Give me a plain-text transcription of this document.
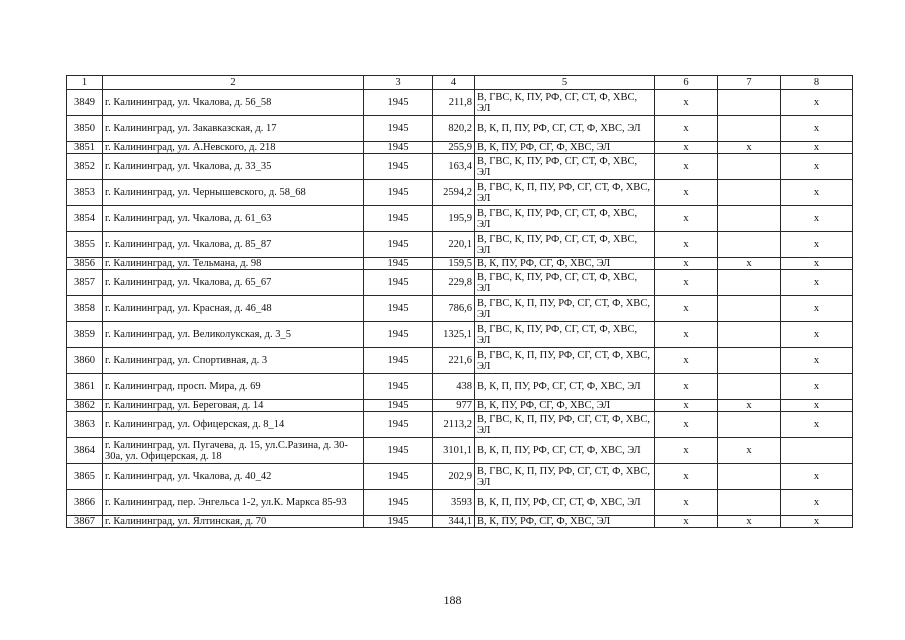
1	2	3	4	5	6	7	8
3849	г. Калининград, ул. Чкалова, д. 56_58	1945	211,8	В, ГВС, К, ПУ, РФ, СГ, СТ, Ф, ХВС, ЭЛ	x		x
3850	г. Калининград, ул. Закавказская, д. 17	1945	820,2	В, К, П, ПУ, РФ, СГ, СТ, Ф, ХВС, ЭЛ	x		x
3851	г. Калининград, ул. А.Невского, д. 218	1945	255,9	В, К, ПУ, РФ, СГ, Ф, ХВС, ЭЛ	x	x	x
3852	г. Калининград, ул. Чкалова, д. 33_35	1945	163,4	В, ГВС, К, ПУ, РФ, СГ, СТ, Ф, ХВС, ЭЛ	x		x
3853	г. Калининград, ул. Чернышевского, д. 58_68	1945	2594,2	В, ГВС, К, П, ПУ, РФ, СГ, СТ, Ф, ХВС, ЭЛ	x		x
3854	г. Калининград, ул. Чкалова, д. 61_63	1945	195,9	В, ГВС, К, ПУ, РФ, СГ, СТ, Ф, ХВС, ЭЛ	x		x
3855	г. Калининград, ул. Чкалова, д. 85_87	1945	220,1	В, ГВС, К, ПУ, РФ, СГ, СТ, Ф, ХВС, ЭЛ	x		x
3856	г. Калининград, ул. Тельмана, д. 98	1945	159,5	В, К, ПУ, РФ, СГ, Ф, ХВС, ЭЛ	x	x	x
3857	г. Калининград, ул. Чкалова, д. 65_67	1945	229,8	В, ГВС, К, ПУ, РФ, СГ, СТ, Ф, ХВС, ЭЛ	x		x
3858	г. Калининград, ул. Красная, д. 46_48	1945	786,6	В, ГВС, К, П, ПУ, РФ, СГ, СТ, Ф, ХВС, ЭЛ	x		x
3859	г. Калининград, ул. Великолукская, д. 3_5	1945	1325,1	В, ГВС, К, ПУ, РФ, СГ, СТ, Ф, ХВС, ЭЛ	x		x
3860	г. Калининград, ул. Спортивная, д. 3	1945	221,6	В, ГВС, К, П, ПУ, РФ, СГ, СТ, Ф, ХВС, ЭЛ	x		x
3861	г. Калининград, просп. Мира, д. 69	1945	438	В, К, П, ПУ, РФ, СГ, СТ, Ф, ХВС, ЭЛ	x		x
3862	г. Калининград, ул. Береговая, д. 14	1945	977	В, К, ПУ, РФ, СГ, Ф, ХВС, ЭЛ	x	x	x
3863	г. Калининград, ул. Офицерская, д. 8_14	1945	2113,2	В, ГВС, К, П, ПУ, РФ, СГ, СТ, Ф, ХВС, ЭЛ	x		x
3864	г. Калининград, ул. Пугачева, д. 15, ул.С.Разина, д. 30-30а, ул. Офицерская, д. 18	1945	3101,1	В, К, П, ПУ, РФ, СГ, СТ, Ф, ХВС, ЭЛ	x	x	
3865	г. Калининград, ул. Чкалова, д. 40_42	1945	202,9	В, ГВС, К, П, ПУ, РФ, СГ, СТ, Ф, ХВС, ЭЛ	x		x
3866	г. Калининград, пер. Энгельса 1-2, ул.К. Маркса 85-93	1945	3593	В, К, П, ПУ, РФ, СГ, СТ, Ф, ХВС, ЭЛ	x		x
3867	г. Калининград, ул. Ялтинская, д. 70	1945	344,1	В, К, ПУ, РФ, СГ, Ф, ХВС, ЭЛ	x	x	x
188
